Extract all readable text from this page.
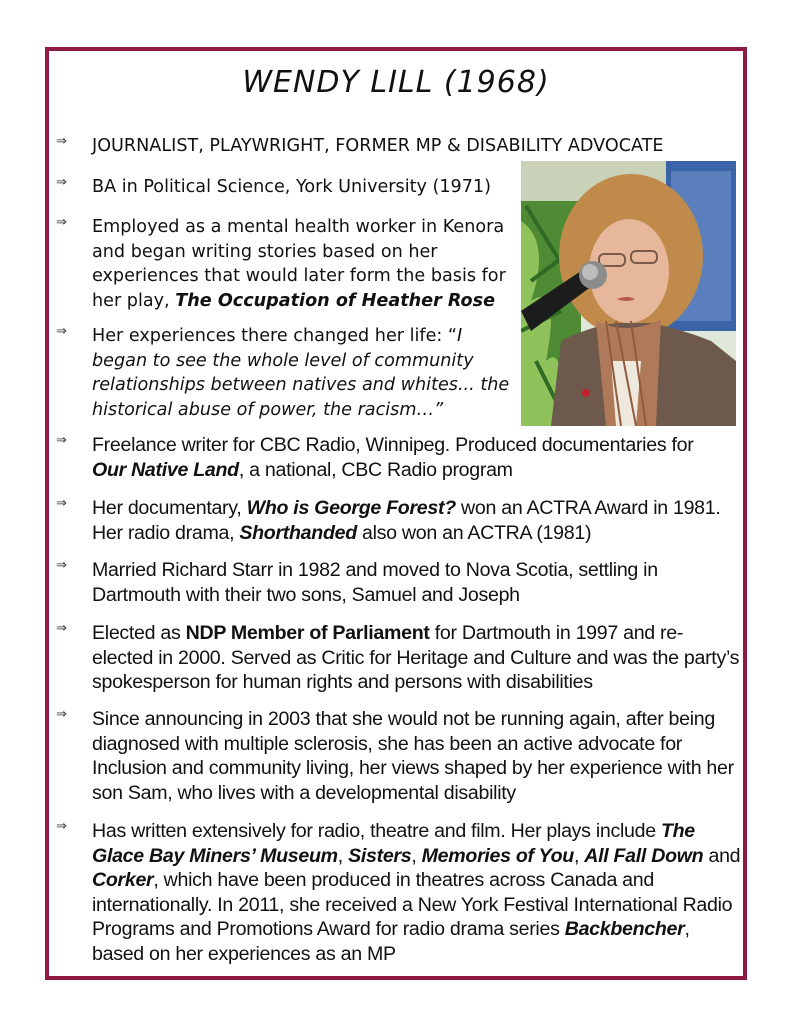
WENDY LILL (1968)
⇒ JOURNALIST, PLAYWRIGHT, FORMER MP & DISABILITY ADVOCATE
⇒ BA in Political Science, York University (1971)
⇒ Employed as a mental health worker in Kenora and began writing stories based on her experiences that would later form the basis for her play, The Occupation of Heather Rose
⇒ Her experiences there changed her life: “I began to see the whole level of community relationships between natives and whites... the historical abuse of power, the racism…”
⇒ Freelance writer for CBC Radio, Winnipeg. Produced documentaries for Our Native Land, a national, CBC Radio program
⇒ Her documentary, Who is George Forest? won an ACTRA Award in 1981. Her radio drama, Shorthanded also won an ACTRA (1981)
⇒ Married Richard Starr in 1982 and moved to Nova Scotia, settling in Dartmouth with their two sons, Samuel and Joseph
⇒ Elected as NDP Member of Parliament for Dartmouth in 1997 and re-elected in 2000. Served as Critic for Heritage and Culture and was the party’s spokesperson for human rights and persons with disabilities
⇒ Since announcing in 2003 that she would not be running again, after being diagnosed with multiple sclerosis, she has been an active advocate for Inclusion and community living, her views shaped by her experience with her son Sam, who lives with a developmental disability
⇒ Has written extensively for radio, theatre and film. Her plays include The Glace Bay Miners’ Museum, Sisters, Memories of You, All Fall Down and Corker, which have been produced in theatres across Canada and internationally. In 2011, she received a New York Festival International Radio Programs and Promotions Award for radio drama series Backbencher, based on her experiences as an MP
